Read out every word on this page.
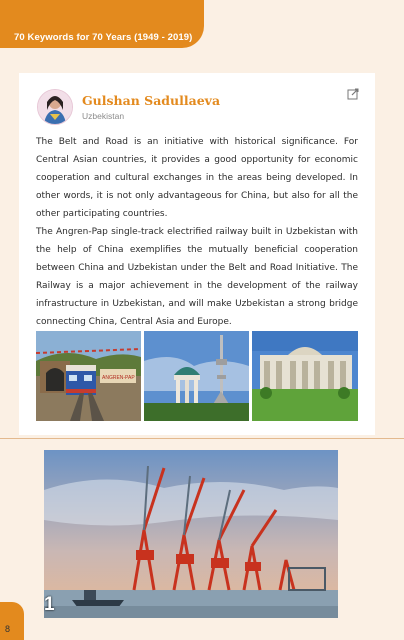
70 Keywords for 70 Years (1949 - 2019)
Gulshan Sadullaeva
Uzbekistan

The Belt and Road is an initiative with historical significance. For Central Asian countries, it provides a good opportunity for economic cooperation and cultural exchanges in the areas being developed. In other words, it is not only advantageous for China, but also for all the other participating countries.

The Angren-Pap single-track electrified railway built in Uzbekistan with the help of China exemplifies the mutually beneficial cooperation between China and Uzbekistan under the Belt and Road Initiative. The Railway is a major achievement in the development of the railway infrastructure in Uzbekistan, and will make Uzbekistan a strong bridge connecting China, Central Asia and Europe.

ANGREN-PAP
1
8
